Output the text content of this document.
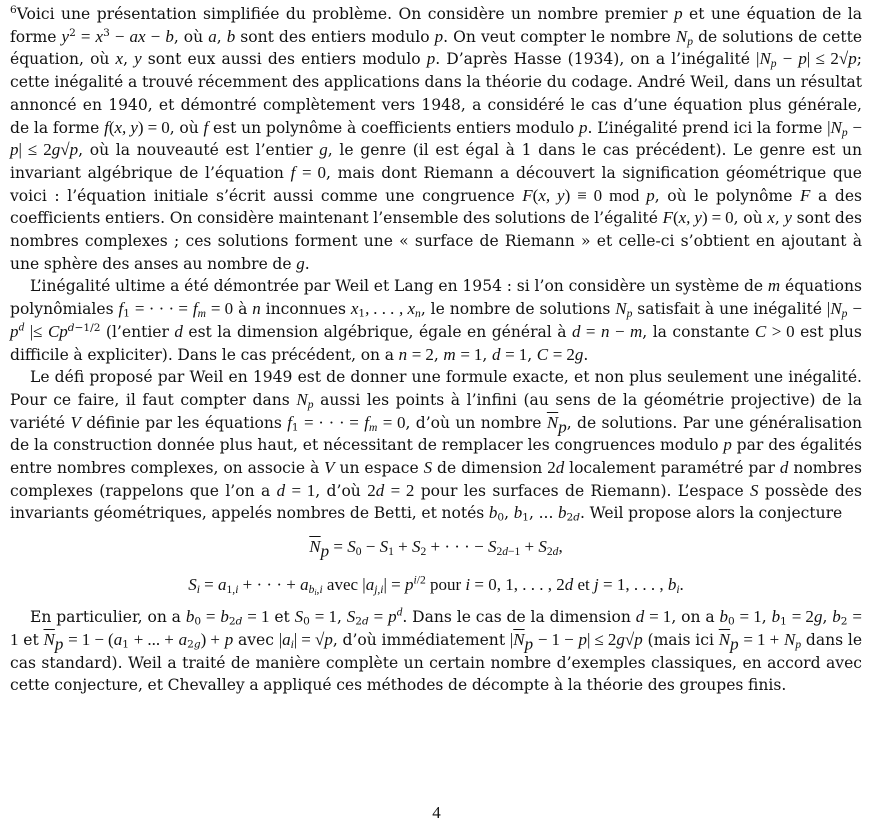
$^6$Voici une présentation simplifiée du problème. On considère un nombre premier p et une équation de la forme $y^2 = x^3$ − ax − b, où a, b sont des entiers modulo p. On veut compter le nombre $N_p$ de solutions de cette équation, où x, y sont eux aussi des entiers modulo p. D’après Hasse (1934), on a l’inégalité $|N_p - p| \le 2√p$; cette inégalité a trouvé récemment des applications dans la théorie du codage. André Weil, dans un résultat annoncé en 1940, et démontré complètement vers 1948, a considéré le cas d’une équation plus générale, de la forme f(x, y) = 0, où f est un polynôme à coefficients entiers modulo p. L’inégalité prend ici la forme $|N_p - p| \le 2g√p$, où la nouveauté est l’entier g, le genre (il est égal à 1 dans le cas précédent). Le genre est un invariant algébrique de l’équation f = 0, mais dont Riemann a découvert la signification géométrique que voici : l’équation initiale s’écrit aussi comme une congruence F(x, y) ≡ 0 mod p, où le polynôme F a des coefficients entiers. On considère maintenant l’ensemble des solutions de l’égalité F(x, y) = 0, où x, y sont des nombres complexes ; ces solutions forment une « surface de Riemann » et celle-ci s’obtient en ajoutant à une sphère des anses au nombre de g.

L’inégalité ultime a été démontrée par Weil et Lang en 1954 : si l’on considère un système de m équations polynômiales $f_1$ = · · · = $f_m = 0$ à n inconnues $x_1$, . . . , $x_n$, le nombre de solutions $N_p$ satisfait à une inégalité $|N_p - p^d$ |≤ $Cp^{d-1/2}$ (l’entier d est la dimension algébrique, égale en général à d = n − m, la constante C > 0 est plus difficile à expliciter). Dans le cas précédent, on a n = 2, m = 1, d = 1, C = 2g.

Le défi proposé par Weil en 1949 est de donner une formule exacte, et non plus seulement une inégalité. Pour ce faire, il faut compter dans $N_p$ aussi les points à l’infini (au sens de la géométrie projective) de la variété V définie par les équations $f_1$ = · · · = $f_m = 0$, d’où un nombre $\overline{N}_p$, de solutions. Par une généralisation de la construction donnée plus haut, et nécessitant de remplacer les congruences modulo p par des égalités entre nombres complexes, on associe à V un espace S de dimension 2d localement paramétré par d nombres complexes (rappelons que l’on a d = 1, d’où 2d = 2 pour les surfaces de Riemann). L’espace S possède des invariants géométriques, appelés nombres de Betti, et notés $b_0$, $b_1$, ... $b_{2d}$. Weil propose alors la conjecture

$\overline{N}_p = S_0 - S_1 + S_2$ + · · · − $S_{2d-1} + S_{2d}$,
$S_i = a_{1,i}$ + · · · + $a_{b_i,i}$ avec $|a_{j,i}| = p^{i/2}$ pour i = 0, 1, . . . , 2d et j = 1, . . . , $b_i$.

En particulier, on a $b_0 = b_{2d} = 1$ et $S_0 = 1$, $S_{2d} = p^d$. Dans le cas de la dimension d = 1, on a $b_0 = 1$, $b_1 = 2g$, $b_2 = 1$ et $\overline{N}_p = 1 - (a_1$ + ... + $a_{2g}) + p$ avec $|a_i| = √p$, d’où immédiatement $|\overline{N}_p - 1 - p| \le 2g√p$ (mais ici $\overline{N}_p = 1 + N_p$ dans le cas standard). Weil a traité de manière complète un certain nombre d’exemples classiques, en accord avec cette conjecture, et Chevalley a appliqué ces méthodes de décompte à la théorie des groupes finis.

4
